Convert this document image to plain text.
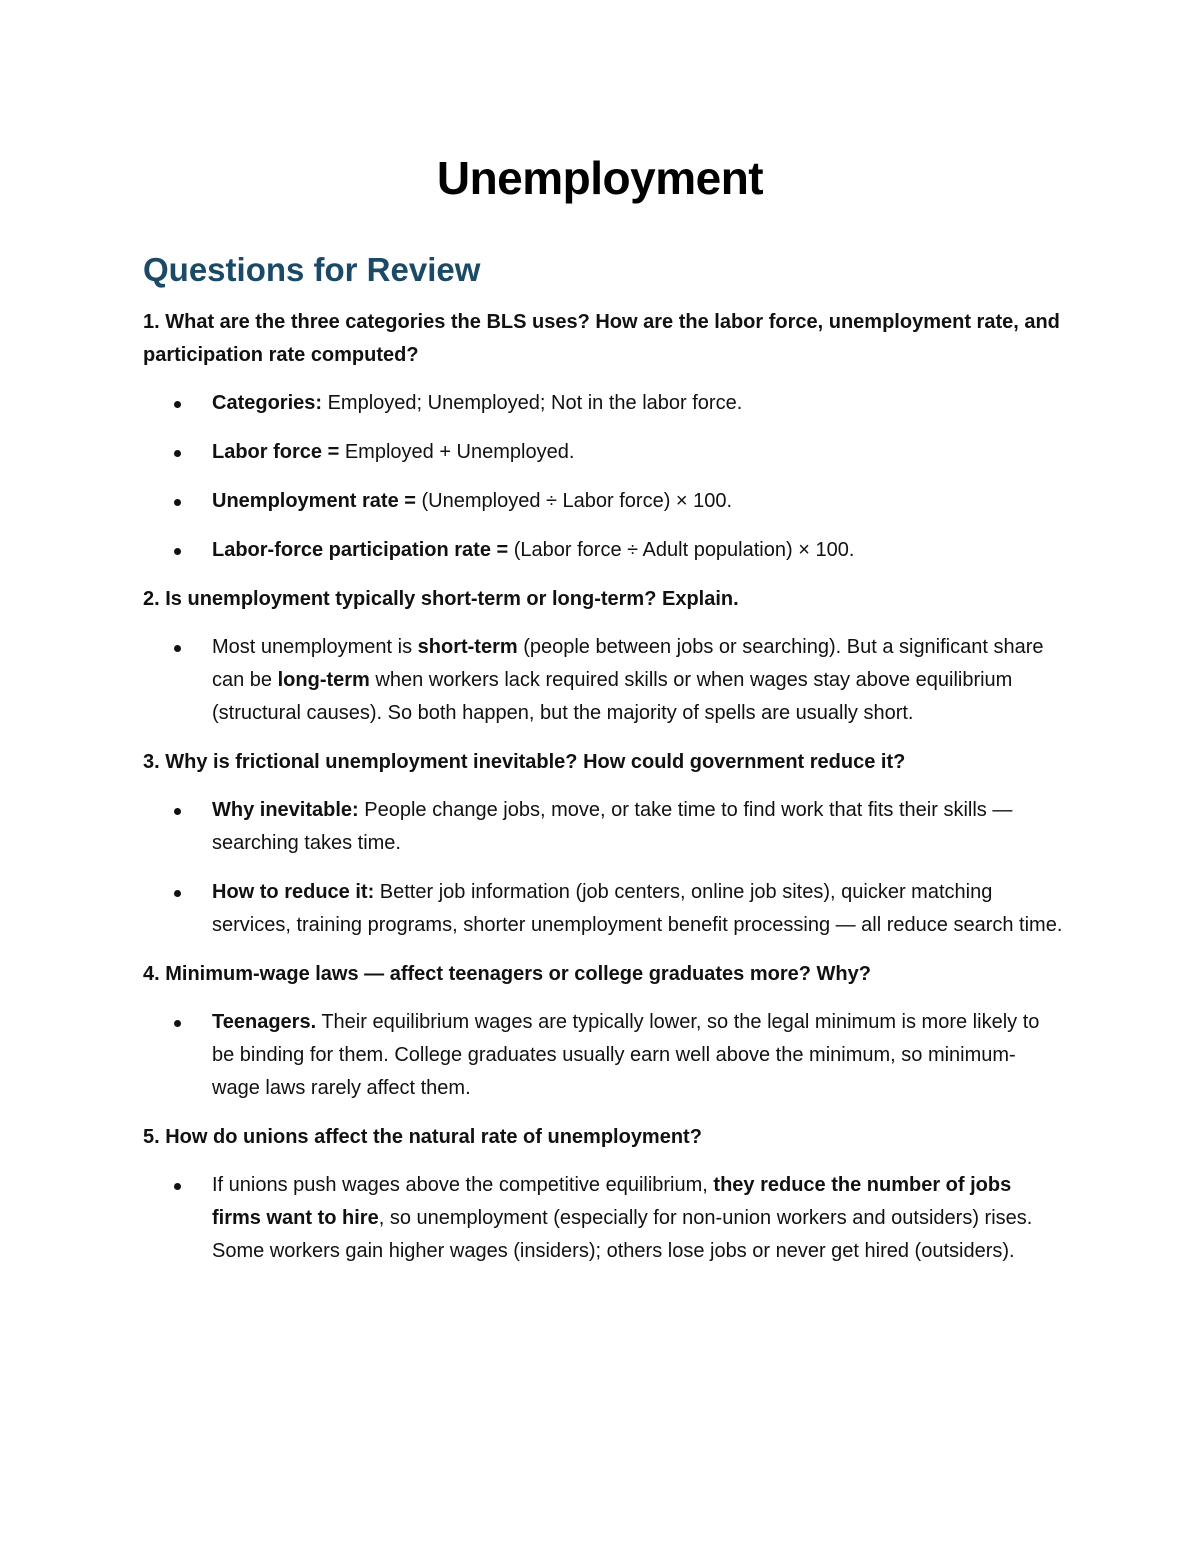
Unemployment
Questions for Review

1. What are the three categories the BLS uses? How are the labor force, unemployment rate, and participation rate computed?

Categories: Employed; Unemployed; Not in the labor force.
Labor force = Employed + Unemployed.
Unemployment rate = (Unemployed ÷ Labor force) × 100.
Labor-force participation rate = (Labor force ÷ Adult population) × 100.

2. Is unemployment typically short-term or long-term? Explain.

Most unemployment is short-term (people between jobs or searching). But a significant share can be long-term when workers lack required skills or when wages stay above equilibrium (structural causes). So both happen, but the majority of spells are usually short.

3. Why is frictional unemployment inevitable? How could government reduce it?

Why inevitable: People change jobs, move, or take time to find work that fits their skills — searching takes time.
How to reduce it: Better job information (job centers, online job sites), quicker matching services, training programs, shorter unemployment benefit processing — all reduce search time.

4. Minimum-wage laws — affect teenagers or college graduates more? Why?

Teenagers. Their equilibrium wages are typically lower, so the legal minimum is more likely to be binding for them. College graduates usually earn well above the minimum, so minimum-wage laws rarely affect them.

5. How do unions affect the natural rate of unemployment?

If unions push wages above the competitive equilibrium, they reduce the number of jobs firms want to hire, so unemployment (especially for non-union workers and outsiders) rises. Some workers gain higher wages (insiders); others lose jobs or never get hired (outsiders).
